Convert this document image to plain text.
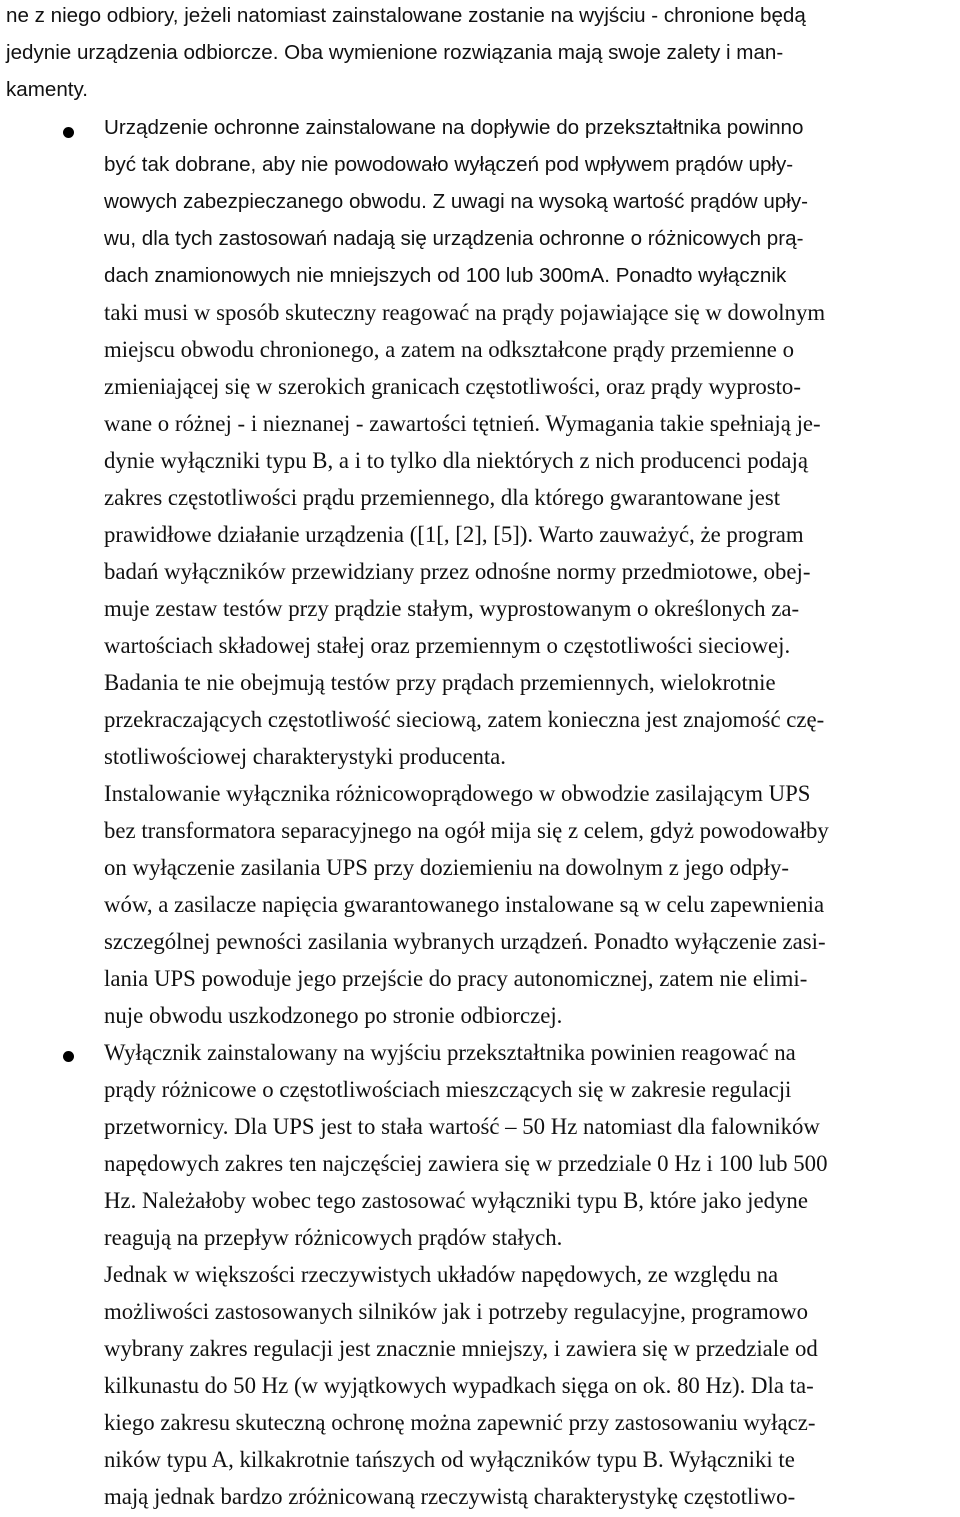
ne z niego odbiory, jeżeli natomiast zainstalowane zostanie na wyjściu - chronione będą
jedynie urządzenia odbiorcze. Oba wymienione rozwiązania mają swoje zalety i man-
kamenty.
Urządzenie ochronne zainstalowane na dopływie do przekształtnika powinno
być tak dobrane, aby nie powodowało wyłączeń pod wpływem prądów upły-
wowych zabezpieczanego obwodu. Z uwagi na wysoką wartość prądów upły-
wu, dla tych zastosowań nadają się urządzenia ochronne o różnicowych prą-
dach znamionowych nie mniejszych od 100 lub 300mA. Ponadto wyłącznik
taki musi w sposób skuteczny reagować na prądy pojawiające się w dowolnym
miejscu obwodu chronionego, a zatem na odkształcone prądy przemienne o
zmieniającej się w szerokich granicach częstotliwości, oraz prądy wyprosto-
wane o różnej - i nieznanej - zawartości tętnień. Wymagania takie spełniają je-
dynie wyłączniki typu B, a i to tylko dla niektórych z nich producenci podają
zakres częstotliwości prądu przemiennego, dla którego gwarantowane jest
prawidłowe działanie urządzenia ([1[, [2], [5]). Warto zauważyć, że program
badań wyłączników przewidziany przez odnośne normy przedmiotowe, obej-
muje zestaw testów przy prądzie stałym, wyprostowanym o określonych za-
wartościach składowej stałej oraz przemiennym o częstotliwości sieciowej.
Badania te nie obejmują testów przy prądach przemiennych, wielokrotnie
przekraczających częstotliwość sieciową, zatem konieczna jest znajomość czę-
stotliwościowej charakterystyki producenta.
Instalowanie wyłącznika różnicowoprądowego w obwodzie zasilającym UPS
bez transformatora separacyjnego na ogół mija się z celem, gdyż powodowałby
on wyłączenie zasilania UPS przy doziemieniu na dowolnym z jego odpły-
wów, a zasilacze napięcia gwarantowanego instalowane są w celu zapewnienia
szczególnej pewności zasilania wybranych urządzeń. Ponadto wyłączenie zasi-
lania UPS powoduje jego przejście do pracy autonomicznej, zatem nie elimi-
nuje obwodu uszkodzonego po stronie odbiorczej.
Wyłącznik zainstalowany na wyjściu przekształtnika powinien reagować na
prądy różnicowe o częstotliwościach mieszczących się w zakresie regulacji
przetwornicy. Dla UPS jest to stała wartość – 50 Hz natomiast dla falowników
napędowych zakres ten najczęściej zawiera się w przedziale 0 Hz i 100 lub 500
Hz. Należałoby wobec tego zastosować wyłączniki typu B, które jako jedyne
reagują na przepływ różnicowych prądów stałych.
Jednak w większości rzeczywistych układów napędowych, ze względu na
możliwości zastosowanych silników jak i potrzeby regulacyjne, programowo
wybrany zakres regulacji jest znacznie mniejszy, i zawiera się w przedziale od
kilkunastu do 50 Hz (w wyjątkowych wypadkach sięga on ok. 80 Hz). Dla ta-
kiego zakresu skuteczną ochronę można zapewnić przy zastosowaniu wyłącz-
ników typu A, kilkakrotnie tańszych od wyłączników typu B. Wyłączniki te
mają jednak bardzo zróżnicowaną rzeczywistą charakterystykę częstotliwo-
